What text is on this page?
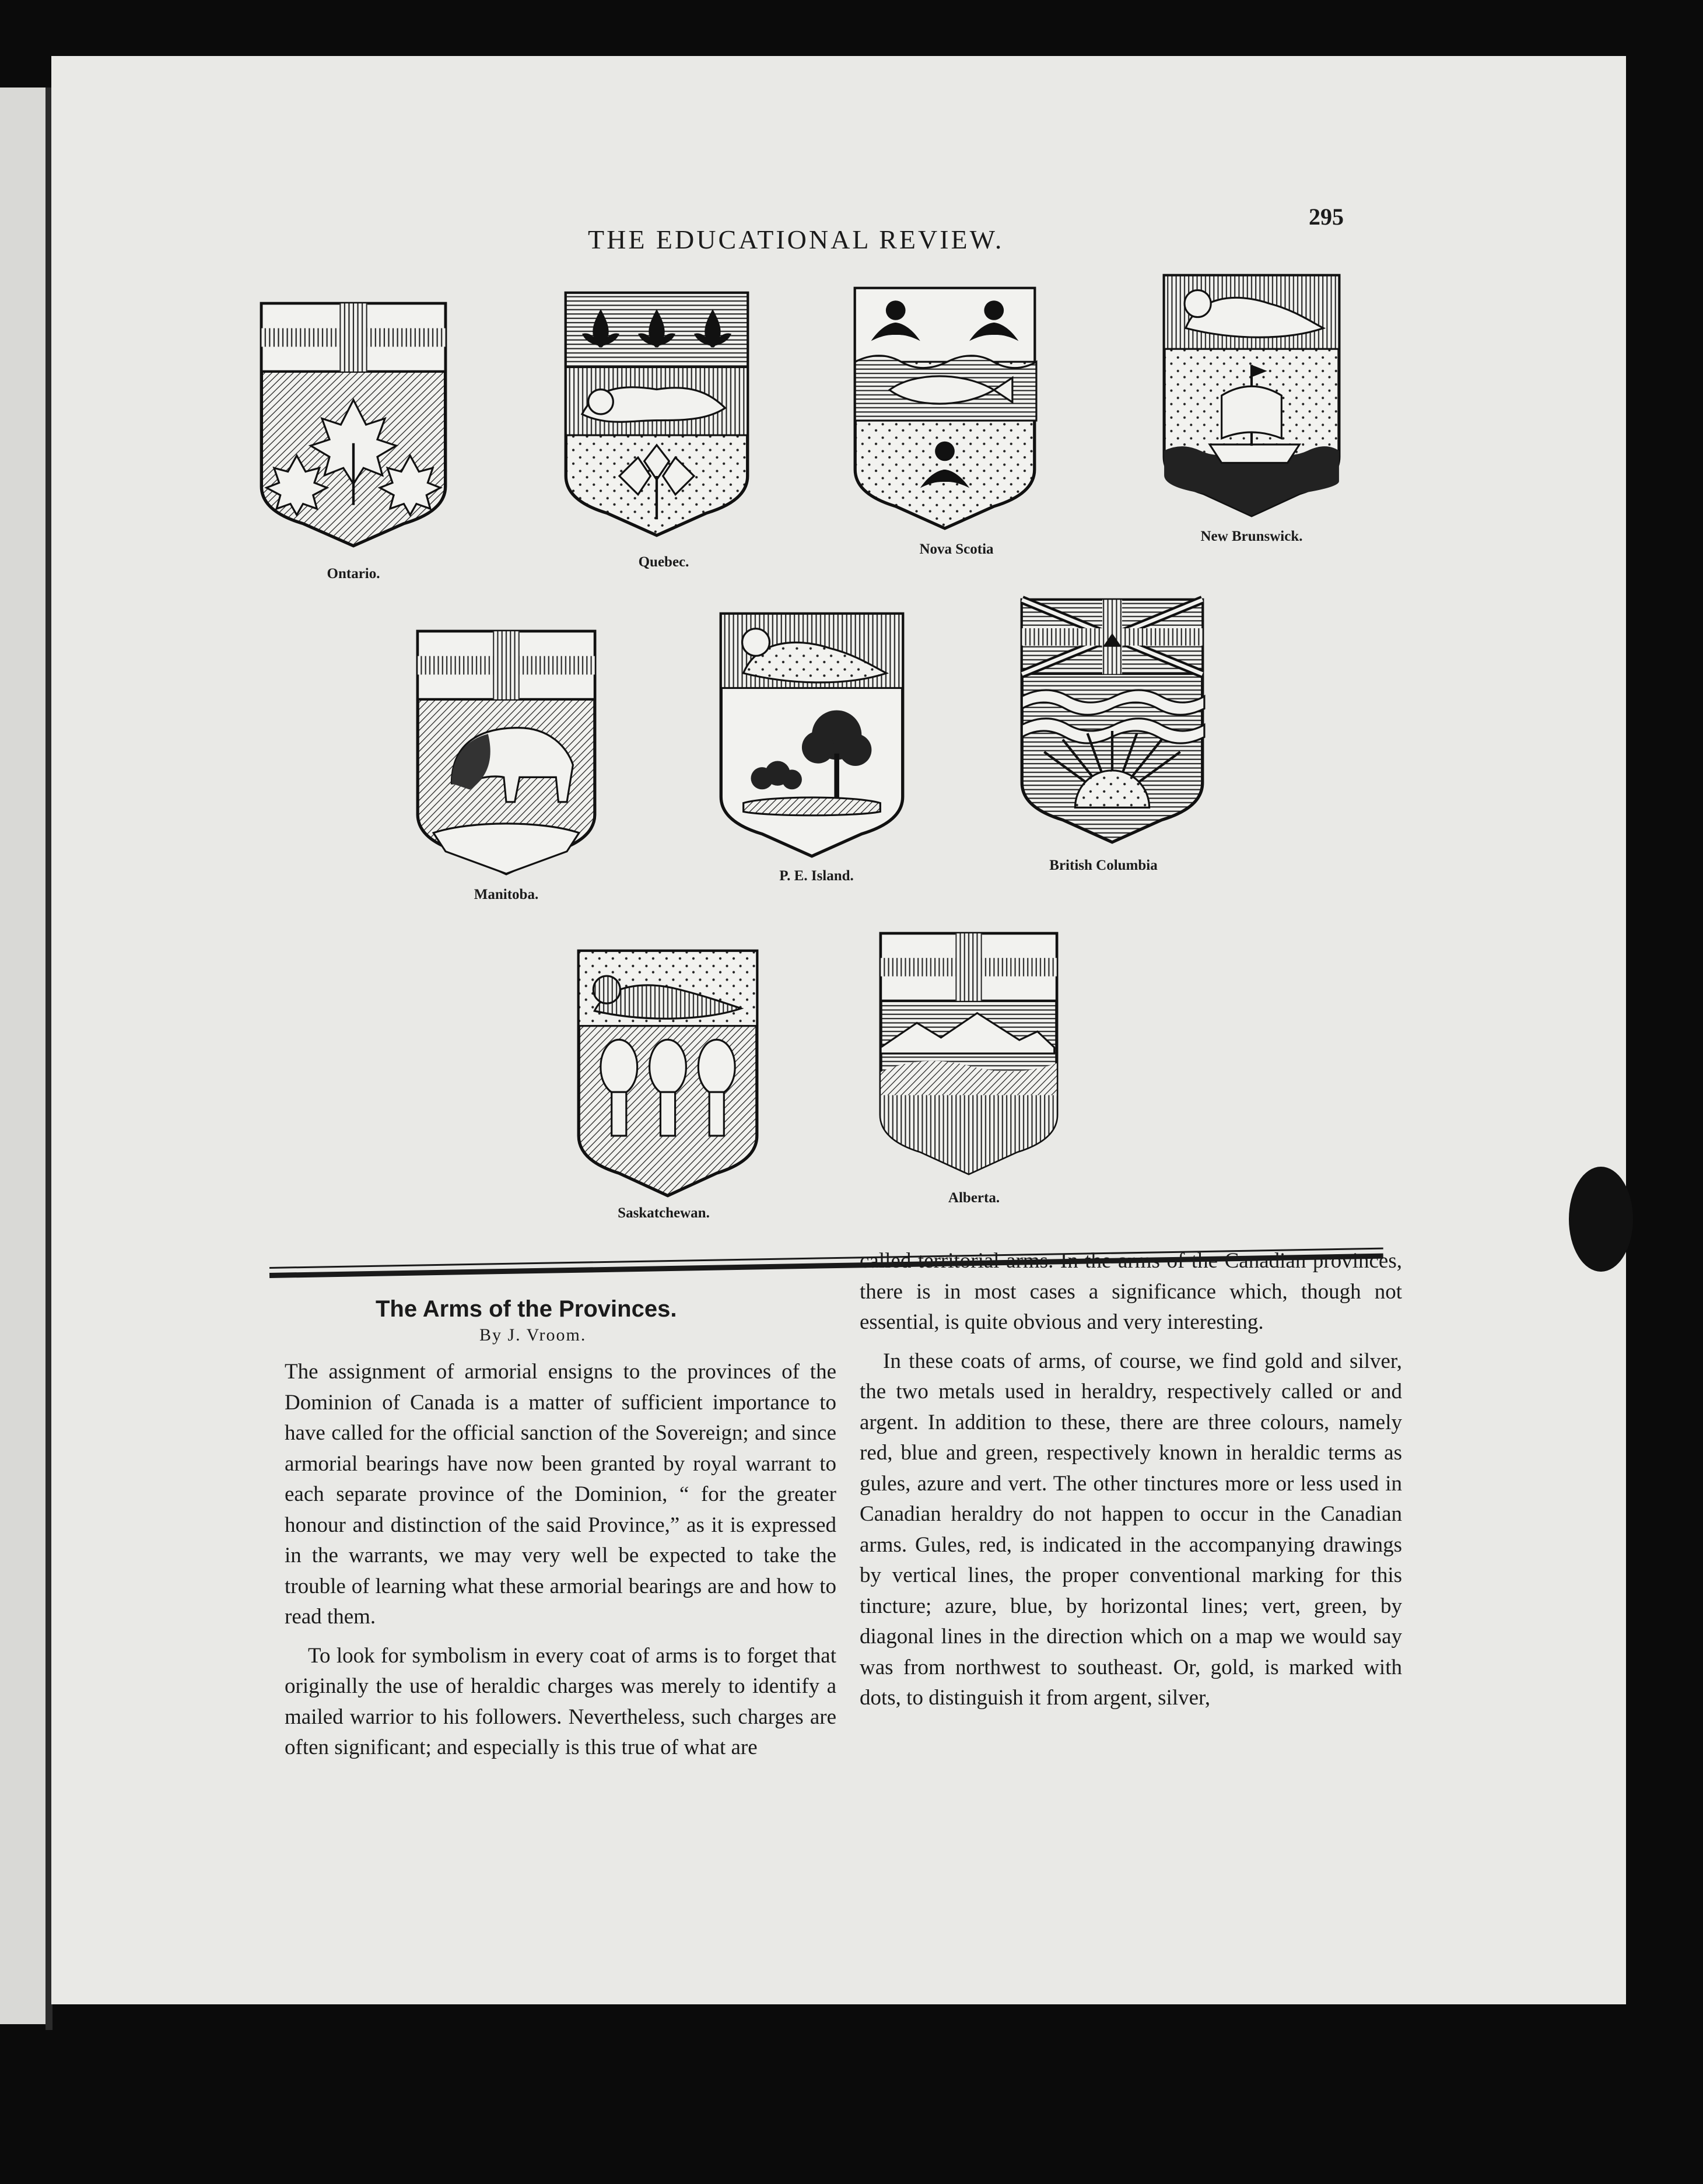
THE EDUCATIONAL REVIEW.
295
Ontario.
Quebec.
Nova Scotia
New Brunswick.
Manitoba.
P. E. Island.
British Columbia
Saskatchewan.
Alberta.
The Arms of the Provinces.
By J. Vroom.

The assignment of armorial ensigns to the provinces of the Dominion of Canada is a matter of sufficient importance to have called for the official sanction of the Sovereign; and since armorial bearings have now been granted by royal warrant to each separate province of the Dominion, “ for the greater honour and distinction of the said Province,” as it is expressed in the warrants, we may very well be expected to take the trouble of learning what these armorial bearings are and how to read them.

To look for symbolism in every coat of arms is to forget that originally the use of heraldic charges was merely to identify a mailed warrior to his followers. Nevertheless, such charges are often significant; and especially is this true of what are

called territorial arms. In the arms of the Canadian provinces, there is in most cases a significance which, though not essential, is quite obvious and very interesting.

In these coats of arms, of course, we find gold and silver, the two metals used in heraldry, respectively called or and argent. In addition to these, there are three colours, namely red, blue and green, respectively known in heraldic terms as gules, azure and vert. The other tinctures more or less used in Canadian heraldry do not happen to occur in the Canadian arms. Gules, red, is indicated in the accompanying drawings by vertical lines, the proper conventional marking for this tincture; azure, blue, by horizontal lines; vert, green, by diagonal lines in the direction which on a map we would say was from northwest to southeast. Or, gold, is marked with dots, to distinguish it from argent, silver,
